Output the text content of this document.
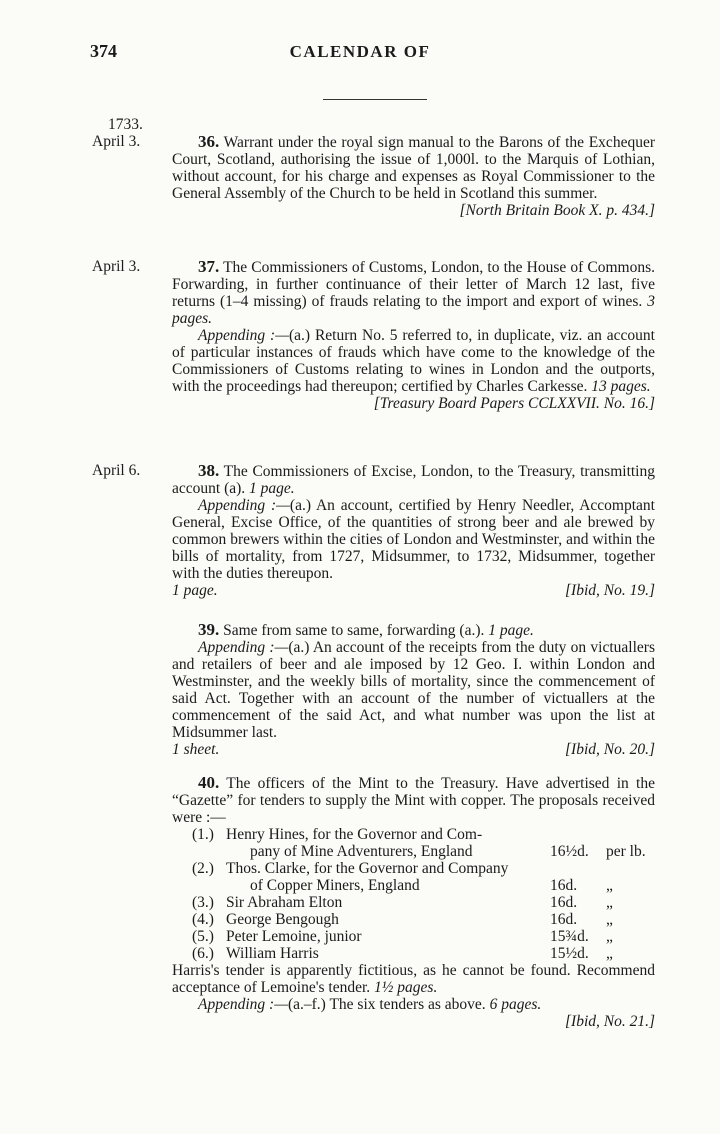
374	CALENDAR OF
1733.
April 3.	36. Warrant under the royal sign manual to the Barons of the Exchequer Court, Scotland, authorising the issue of 1,000l. to the Marquis of Lothian, without account, for his charge and expenses as Royal Commissioner to the General Assembly of the Church to be held in Scotland this summer.

[North Britain Book X. p. 434.]
April 3.	37. The Commissioners of Customs, London, to the House of Commons. Forwarding, in further continuance of their letter of March 12 last, five returns (1–4 missing) of frauds relating to the import and export of wines. 3 pages.

Appending :—(a.) Return No. 5 referred to, in duplicate, viz. an account of particular instances of frauds which have come to the knowledge of the Commissioners of Customs relating to wines in London and the outports, with the proceedings had thereupon; certified by Charles Carkesse. 13 pages.

[Treasury Board Papers CCLXXVII. No. 16.]
April 6.	38. The Commissioners of Excise, London, to the Treasury, transmitting account (a). 1 page.

Appending :—(a.) An account, certified by Henry Needler, Accomptant General, Excise Office, of the quantities of strong beer and ale brewed by common brewers within the cities of London and Westminster, and within the bills of mortality, from 1727, Midsummer, to 1732, Midsummer, together with the duties thereupon.

1 page.	[Ibid, No. 19.]

39. Same from same to same, forwarding (a.). 1 page.

Appending :—(a.) An account of the receipts from the duty on victuallers and retailers of beer and ale imposed by 12 Geo. I. within London and Westminster, and the weekly bills of mortality, since the commencement of said Act. Together with an account of the number of victuallers at the commencement of the said Act, and what number was upon the list at Midsummer last.

1 sheet.	[Ibid, No. 20.]

40. The officers of the Mint to the Treasury. Have advertised in the “Gazette” for tenders to supply the Mint with copper. The proposals received were :—

(1.) Henry Hines, for the Governor and Com-
pany of Mine Adventurers, England	16½d.	per lb.
(2.) Thos. Clarke, for the Governor and Company
of Copper Miners, England	16d.	„
(3.) Sir Abraham Elton	16d.	„
(4.) George Bengough	16d.	„
(5.) Peter Lemoine, junior	15¾d.	„
(6.) William Harris	15½d.	„

Harris's tender is apparently fictitious, as he cannot be found. Recommend acceptance of Lemoine's tender. 1½ pages.

Appending :—(a.–f.) The six tenders as above. 6 pages.

[Ibid, No. 21.]
